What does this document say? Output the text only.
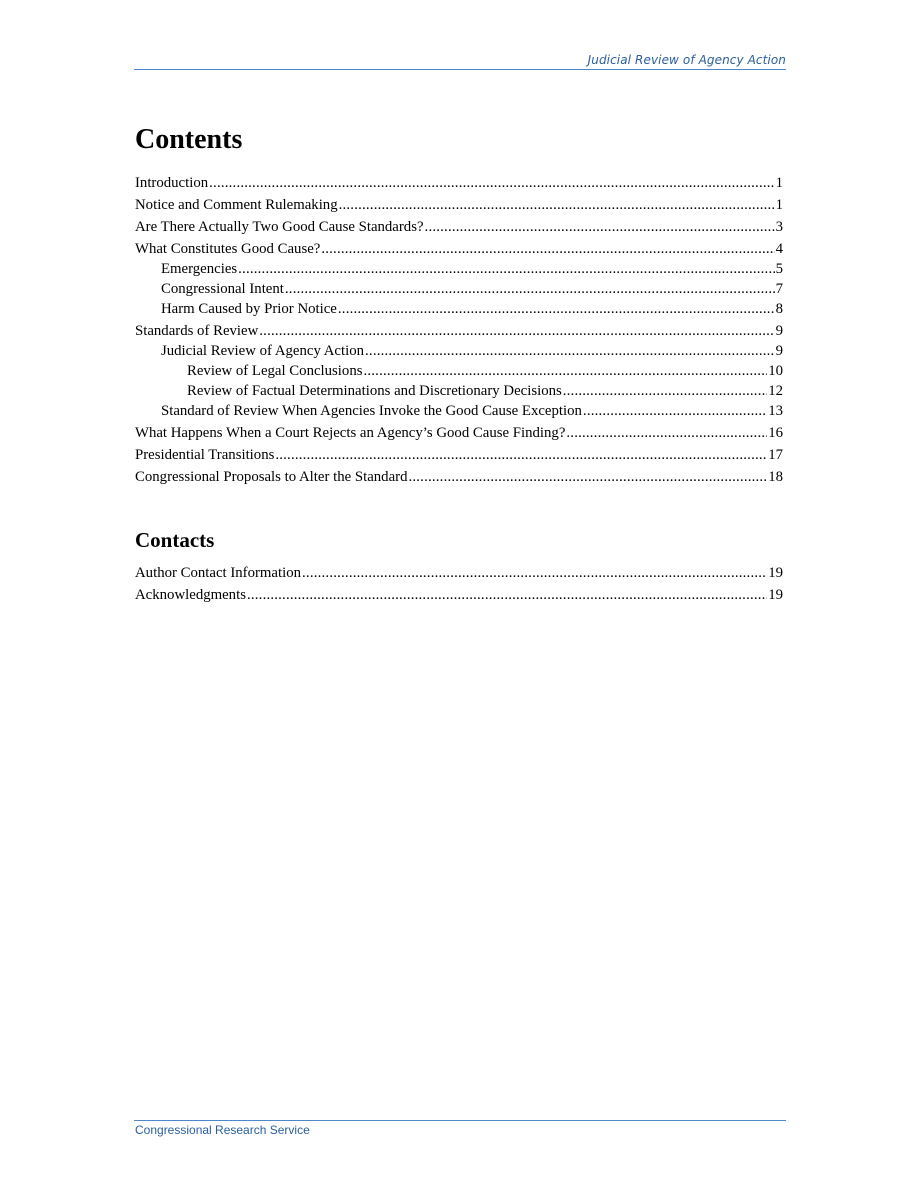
Judicial Review of Agency Action
Contents
Introduction .....	1
Notice and Comment Rulemaking .....	1
Are There Actually Two Good Cause Standards? .....	3
What Constitutes Good Cause? .....	4
Emergencies .....	5
Congressional Intent .....	7
Harm Caused by Prior Notice .....	8
Standards of Review .....	9
Judicial Review of Agency Action .....	9
Review of Legal Conclusions .....	10
Review of Factual Determinations and Discretionary Decisions .....	12
Standard of Review When Agencies Invoke the Good Cause Exception .....	13
What Happens When a Court Rejects an Agency’s Good Cause Finding? .....	16
Presidential Transitions .....	17
Congressional Proposals to Alter the Standard .....	18
Contacts
Author Contact Information .....	19
Acknowledgments .....	19
Congressional Research Service
